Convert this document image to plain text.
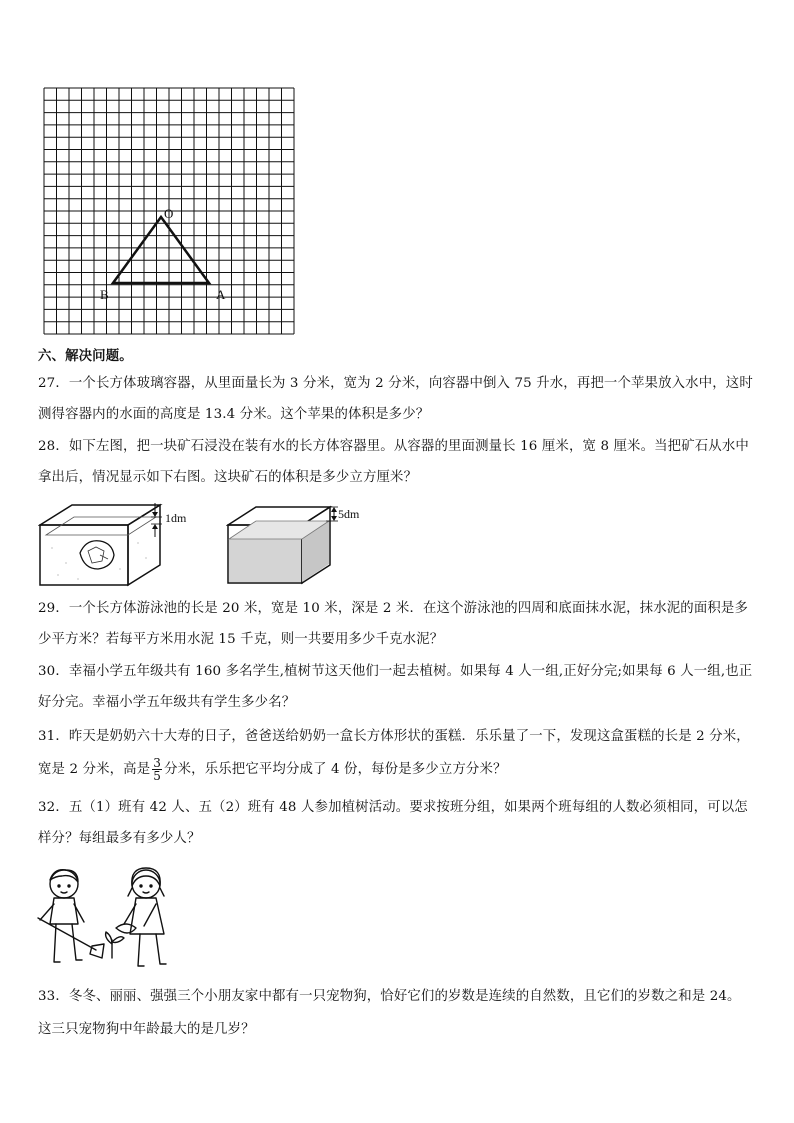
O
B	A
六、解决问题。
27．一个长方体玻璃容器，从里面量长为 3 分米，宽为 2 分米，向容器中倒入 75 升水，再把一个苹果放入水中，这时
测得容器内的水面的高度是 13.4 分米。这个苹果的体积是多少？
28．如下左图，把一块矿石浸没在装有水的长方体容器里。从容器的里面测量长 16 厘米，宽 8 厘米。当把矿石从水中
拿出后，情况显示如下右图。这块矿石的体积是多少立方厘米？
1dm	5dm
29．一个长方体游泳池的长是 20 米，宽是 10 米，深是 2 米．在这个游泳池的四周和底面抹水泥，抹水泥的面积是多
少平方米？若每平方米用水泥 15 千克，则一共要用多少千克水泥？
30．幸福小学五年级共有 160 多名学生,植树节这天他们一起去植树。如果每 4 人一组,正好分完;如果每 6 人一组,也正
好分完。幸福小学五年级共有学生多少名？
31．昨天是奶奶六十大寿的日子，爸爸送给奶奶一盒长方体形状的蛋糕．乐乐量了一下，发现这盒蛋糕的长是 2 分米，
宽是 2 分米，高是 $\frac{3}{5}$ 分米，乐乐把它平均分成了 4 份，每份是多少立方分米？
32．五（1）班有 42 人、五（2）班有 48 人参加植树活动。要求按班分组，如果两个班每组的人数必须相同，可以怎
样分？每组最多有多少人？
33．冬冬、丽丽、强强三个小朋友家中都有一只宠物狗，恰好它们的岁数是连续的自然数，且它们的岁数之和是 24。
这三只宠物狗中年龄最大的是几岁？
